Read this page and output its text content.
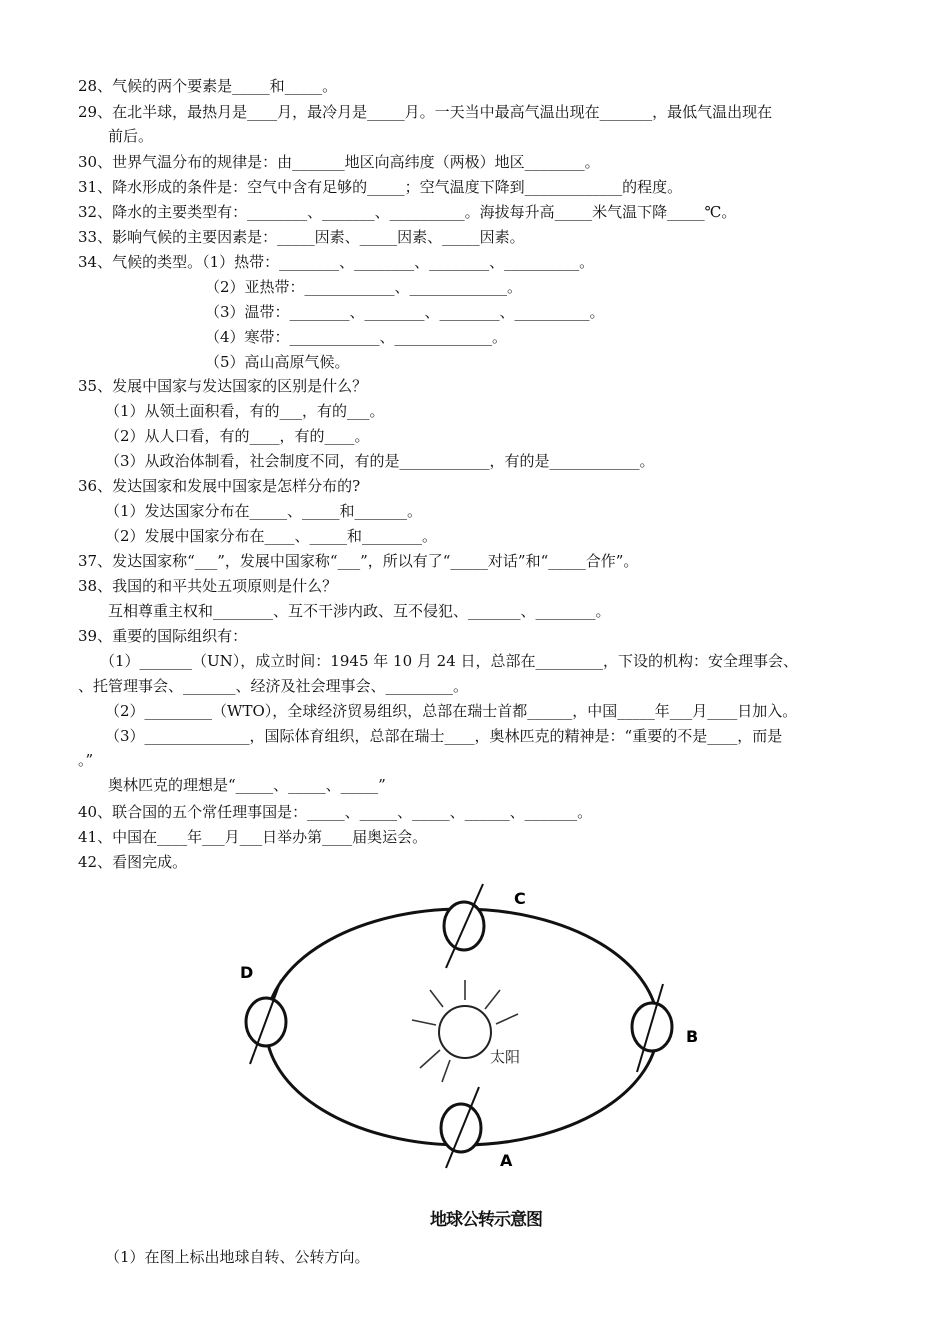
28、气候的两个要素是_____和_____。
29、在北半球，最热月是____月，最冷月是_____月。一天当中最高气温出现在_______，最低气温出现在
前后。
30、世界气温分布的规律是：由_______地区向高纬度（两极）地区________。
31、降水形成的条件是：空气中含有足够的_____；空气温度下降到_____________的程度。
32、降水的主要类型有：________、_______、__________。海拔每升高_____米气温下降_____℃。
33、影响气候的主要因素是：_____因素、_____因素、_____因素。
34、气候的类型。（1）热带：________、________、________、__________。
（2）亚热带：____________、_____________。
（3）温带：________、________、________、__________。
（4）寒带：____________、_____________。
（5）高山高原气候。
35、发展中国家与发达国家的区别是什么？
（1）从领土面积看，有的___，有的___。
（2）从人口看，有的____，有的____。
（3）从政治体制看，社会制度不同，有的是____________，有的是____________。
36、发达国家和发展中国家是怎样分布的?
（1）发达国家分布在_____、_____和_______。
（2）发展中国家分布在____、_____和________。
37、发达国家称“___”，发展中国家称“___”，所以有了“_____对话”和“_____合作”。
38、我国的和平共处五项原则是什么？
互相尊重主权和________、互不干涉内政、互不侵犯、_______、________。
39、重要的国际组织有：
（1）_______（UN），成立时间：1945 年 10 月 24 日，总部在_________，下设的机构：安全理事会、
、托管理事会、_______、经济及社会理事会、_________。
（2）_________（WTO），全球经济贸易组织，总部在瑞士首都______，中国_____年___月____日加入。
（3）______________，国际体育组织，总部在瑞士____，奥林匹克的精神是：“重要的不是____，而是
。”
奥林匹克的理想是“_____、_____、_____”
40、联合国的五个常任理事国是：_____、_____、_____、______、_______。
41、中国在____年___月___日举办第____届奥运会。
42、看图完成。
太阳
C
D
B
A
地球公转示意图
（1）在图上标出地球自转、公转方向。
